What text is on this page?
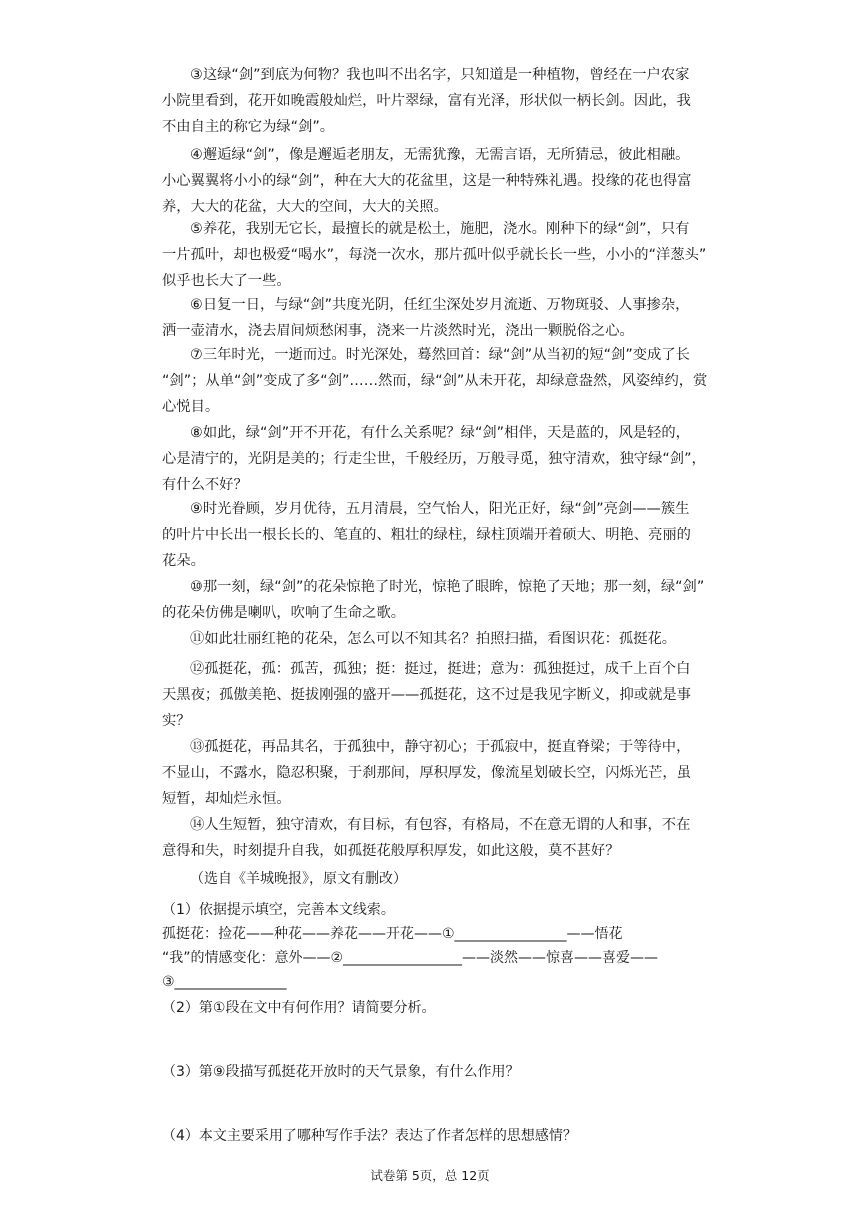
③这绿“剑”到底为何物？我也叫不出名字，只知道是一种植物，曾经在一户农家
小院里看到，花开如晚霞般灿烂，叶片翠绿，富有光泽，形状似一柄长剑。因此，我
不由自主的称它为绿“剑”。
④邂逅绿“剑”，像是邂逅老朋友，无需犹豫，无需言语，无所猜忌，彼此相融。
小心翼翼将小小的绿“剑”，种在大大的花盆里，这是一种特殊礼遇。投缘的花也得富
养，大大的花盆，大大的空间，大大的关照。
⑤养花，我别无它长，最擅长的就是松土，施肥，浇水。刚种下的绿“剑”，只有
一片孤叶，却也极爱“喝水”，每浇一次水，那片孤叶似乎就长长一些，小小的“洋葱头”
似乎也长大了一些。
⑥日复一日，与绿“剑”共度光阴，任红尘深处岁月流逝、万物斑驳、人事掺杂，
洒一壶清水，浇去眉间烦愁闲事，浇来一片淡然时光，浇出一颗脱俗之心。
⑦三年时光，一逝而过。时光深处，蓦然回首：绿“剑”从当初的短“剑”变成了长
“剑”；从单“剑”变成了多“剑”……然而，绿“剑”从未开花，却绿意盎然，风姿绰约，赏
心悦目。
⑧如此，绿“剑”开不开花，有什么关系呢？绿“剑”相伴，天是蓝的，风是轻的，
心是清宁的，光阴是美的；行走尘世，千般经历，万般寻觅，独守清欢，独守绿“剑”，
有什么不好？
⑨时光眷顾，岁月优待，五月清晨，空气怡人，阳光正好，绿“剑”亮剑——簇生
的叶片中长出一根长长的、笔直的、粗壮的绿柱，绿柱顶端开着硕大、明艳、亮丽的
花朵。
⑩那一刻，绿“剑”的花朵惊艳了时光，惊艳了眼眸，惊艳了天地；那一刻，绿“剑”
的花朵仿佛是喇叭，吹响了生命之歌。
⑪如此壮丽红艳的花朵，怎么可以不知其名？拍照扫描，看图识花：孤挺花。
⑫孤挺花，孤：孤苦，孤独；挺：挺过，挺进；意为：孤独挺过，成千上百个白
天黑夜；孤傲美艳、挺拔刚强的盛开——孤挺花，这不过是我见字断义，抑或就是事
实？
⑬孤挺花，再品其名，于孤独中，静守初心；于孤寂中，挺直脊梁；于等待中，
不显山，不露水，隐忍积聚，于刹那间，厚积厚发，像流星划破长空，闪烁光芒，虽
短暂，却灿烂永恒。
⑭人生短暂，独守清欢，有目标，有包容，有格局，不在意无谓的人和事，不在
意得和失，时刻提升自我，如孤挺花般厚积厚发，如此这般，莫不甚好？
（选自《羊城晚报》，原文有删改）
（1）依据提示填空，完善本文线索。
孤挺花：捡花——种花——养花——开花——①________________——悟花
“我”的情感变化：意外——②_________________——淡然——惊喜——喜爱——
③________________
（2）第①段在文中有何作用？请简要分析。
（3）第⑨段描写孤挺花开放时的天气景象，有什么作用？
（4）本文主要采用了哪种写作手法？表达了作者怎样的思想感情？
试卷第 5页，总 12页
